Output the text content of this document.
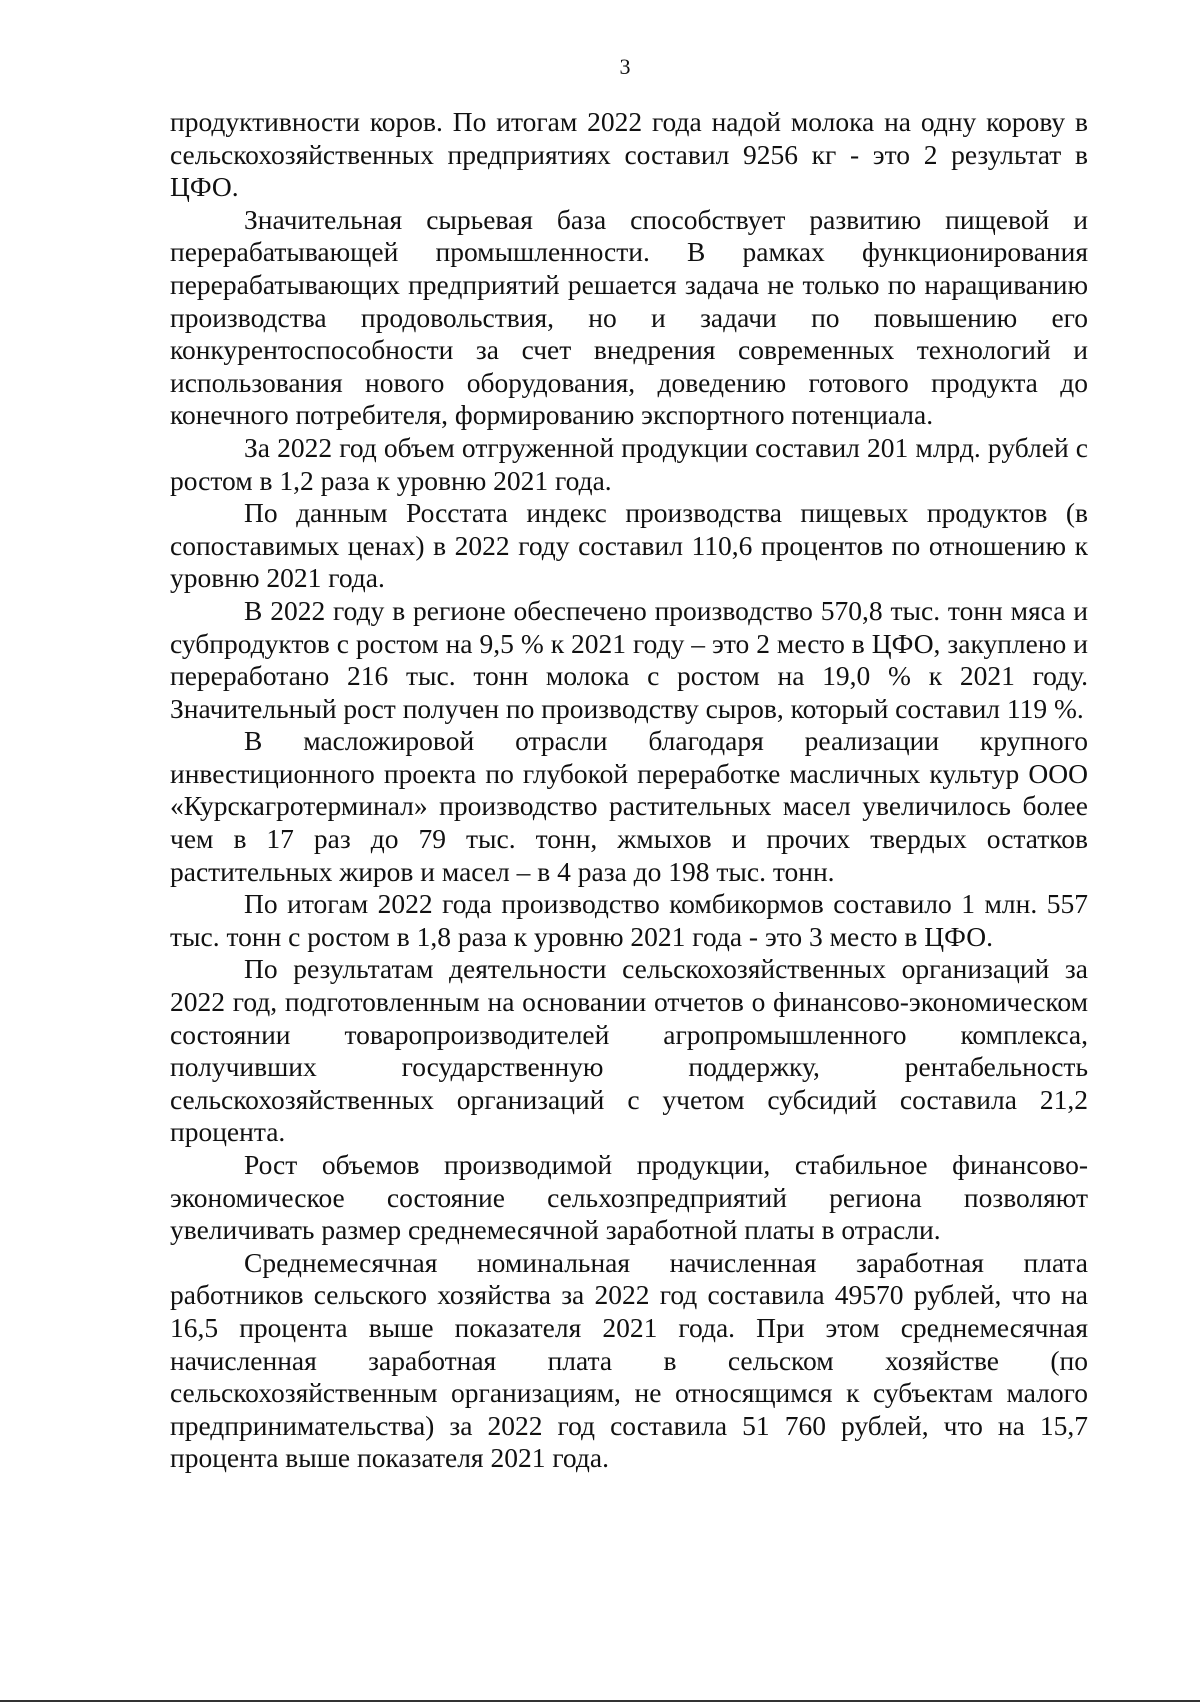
3

продуктивности коров. По итогам 2022 года надой молока на одну корову в сельскохозяйственных предприятиях составил 9256 кг - это 2 результат в ЦФО.

Значительная сырьевая база способствует развитию пищевой и перерабатывающей промышленности. В рамках функционирования перерабатывающих предприятий решается задача не только по наращиванию производства продовольствия, но и задачи по повышению его конкурентоспособности за счет внедрения современных технологий и использования нового оборудования, доведению готового продукта до конечного потребителя, формированию экспортного потенциала.

За 2022 год объем отгруженной продукции составил 201 млрд. рублей с ростом в 1,2 раза к уровню 2021 года.

По данным Росстата индекс производства пищевых продуктов (в сопоставимых ценах) в 2022 году составил 110,6 процентов по отношению к уровню 2021 года.

В 2022 году в регионе обеспечено производство 570,8 тыс. тонн мяса и субпродуктов с ростом на 9,5 % к 2021 году – это 2 место в ЦФО, закуплено и переработано 216 тыс. тонн молока с ростом на 19,0 % к 2021 году. Значительный рост получен по производству сыров, который составил 119 %.

В масложировой отрасли благодаря реализации крупного инвестиционного проекта по глубокой переработке масличных культур ООО «Курскагротерминал» производство растительных масел увеличилось более чем в 17 раз до 79 тыс. тонн, жмыхов и прочих твердых остатков растительных жиров и масел – в 4 раза до 198 тыс. тонн.

По итогам 2022 года производство комбикормов составило 1 млн. 557 тыс. тонн с ростом в 1,8 раза к уровню 2021 года - это 3 место в ЦФО.

По результатам деятельности сельскохозяйственных организаций за 2022 год, подготовленным на основании отчетов о финансово-экономическом состоянии товаропроизводителей агропромышленного комплекса, получивших государственную поддержку, рентабельность сельскохозяйственных организаций с учетом субсидий составила 21,2 процента.

Рост объемов производимой продукции, стабильное финансово-экономическое состояние сельхозпредприятий региона позволяют увеличивать размер среднемесячной заработной платы в отрасли.

Среднемесячная номинальная начисленная заработная плата работников сельского хозяйства за 2022 год составила 49570 рублей, что на 16,5 процента выше показателя 2021 года. При этом среднемесячная начисленная заработная плата в сельском хозяйстве (по сельскохозяйственным организациям, не относящимся к субъектам малого предпринимательства) за 2022 год составила 51 760 рублей, что на 15,7 процента выше показателя 2021 года.
